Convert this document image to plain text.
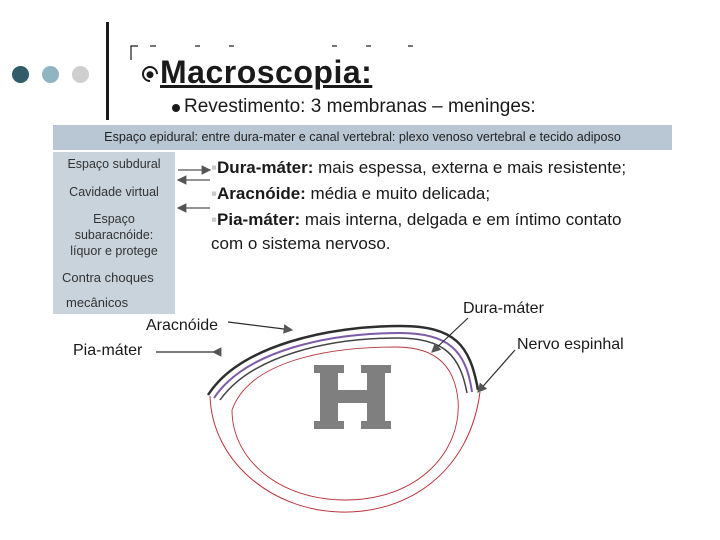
Macroscopia:
Revestimento: 3 membranas – meninges:
Espaço epidural: entre dura-mater e canal vertebral: plexo venoso vertebral e tecido adiposo
Espaço subdural
Cavidade virtual
Espaço
subaracnóide:
líquor e protege
Contra choques
mecânicos
▪Dura-máter: mais espessa, externa e mais resistente;
▪Aracnóide: média e muito delicada;
▪Pia-máter: mais interna, delgada e em íntimo contato
com o sistema nervoso.
Dura-máter
Nervo espinhal
Aracnóide
Pia-máter
